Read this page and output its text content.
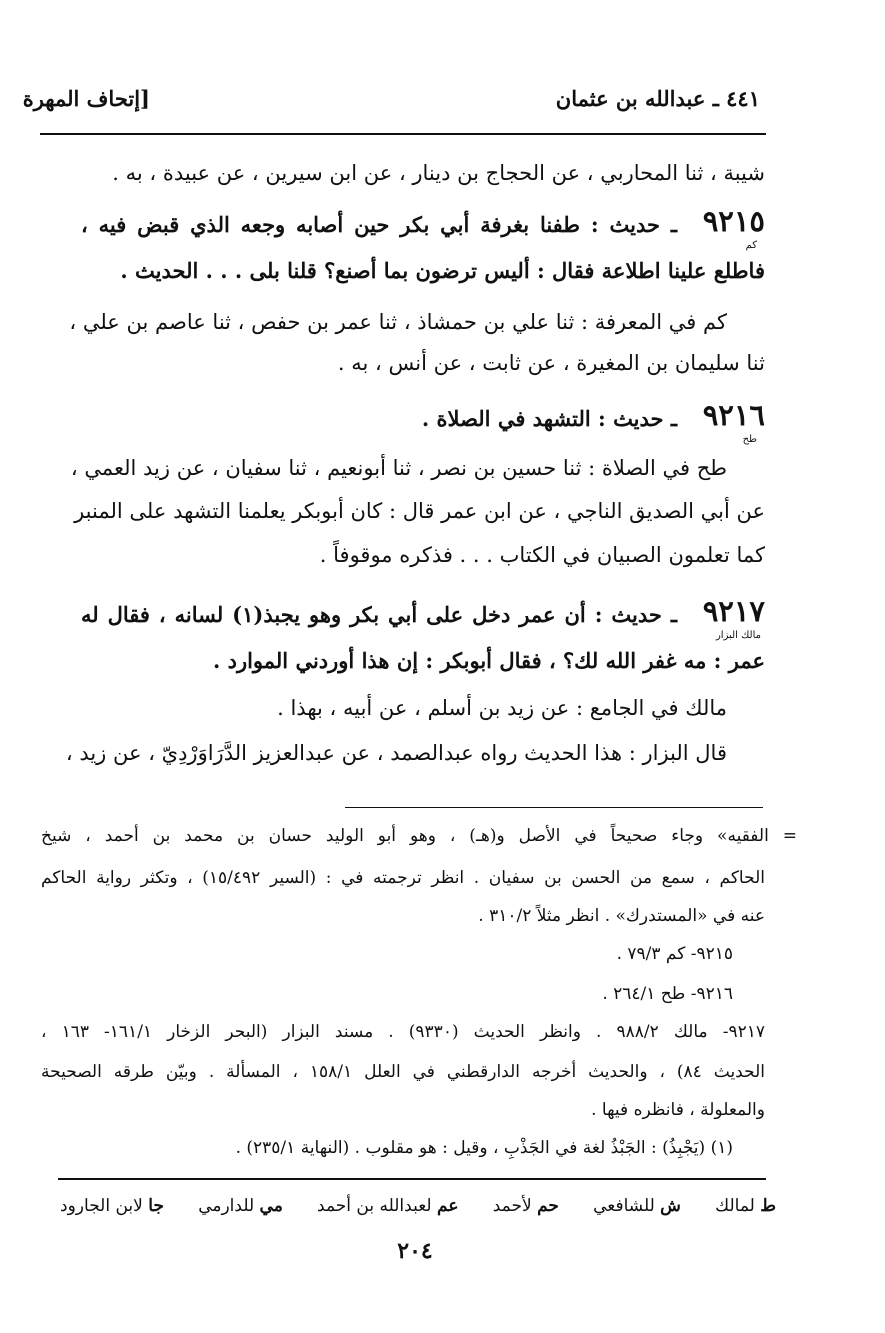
٤٤١ ـ عبدالله بن عثمان
[إتحاف المهرة
شيبة ، ثنا المحاربي ، عن الحجاج بن دينار ، عن ابن سيرين ، عن عبيدة ، به .
٩٢١٥
كم
ـ حديث : طفنا بغرفة أبي بكر حين أصابه وجعه الذي قبض فيه ،
فاطلع علينا اطلاعة فقال : أليس ترضون بما أصنع؟ قلنا بلى . . . الحديث .
كم في المعرفة : ثنا علي بن حمشاذ ، ثنا عمر بن حفص ، ثنا عاصم بن علي ،
ثنا سليمان بن المغيرة ، عن ثابت ، عن أنس ، به .
٩٢١٦
طح
ـ حديث : التشهد في الصلاة .
طح في الصلاة : ثنا حسين بن نصر ، ثنا أبونعيم ، ثنا سفيان ، عن زيد العمي ،
عن أبي الصديق الناجي ، عن ابن عمر قال : كان أبوبكر يعلمنا التشهد على المنبر
كما تعلمون الصبيان في الكتاب . . . فذكره موقوفاً .
٩٢١٧
مالك البزار
ـ حديث : أن عمر دخل على أبي بكر وهو يجبذ(١) لسانه ، فقال له
عمر : مه غفر الله لك؟ ، فقال أبوبكر : إن هذا أوردني الموارد .
مالك في الجامع : عن زيد بن أسلم ، عن أبيه ، بهذا .
قال البزار : هذا الحديث رواه عبدالصمد ، عن عبدالعزيز الدَّرَاوَرْدِيّ ، عن زيد ،
= الفقيه» وجاء صحيحاً في الأصل و(هـ) ، وهو أبو الوليد حسان بن محمد بن أحمد ، شيخ
الحاكم ، سمع من الحسن بن سفيان . انظر ترجمته في : (السير ١٥/٤٩٢) ، وتكثر رواية الحاكم
عنه في «المستدرك» . انظر مثلاً ٣١٠/٢ .
٩٢١٥- كم ٧٩/٣ .
٩٢١٦- طح ٢٦٤/١ .
٩٢١٧- مالك ٩٨٨/٢ . وانظر الحديث (٩٣٣٠) . مسند البزار (البحر الزخار ١٦١/١- ١٦٣ ،
الحديث ٨٤) ، والحديث أخرجه الدارقطني في العلل ١٥٨/١ ، المسألة . وبيّن طرقه الصحيحة
والمعلولة ، فانظره فيها .
(١) (يَجْبِذُ) : الجَبْذُ لغة في الجَذْبِ ، وقيل : هو مقلوب . (النهاية ٢٣٥/١) .
ط لمالك
ش للشافعي
حم لأحمد
عم لعبدالله بن أحمد
مي للدارمي
جا لابن الجارود
٢٠٤
